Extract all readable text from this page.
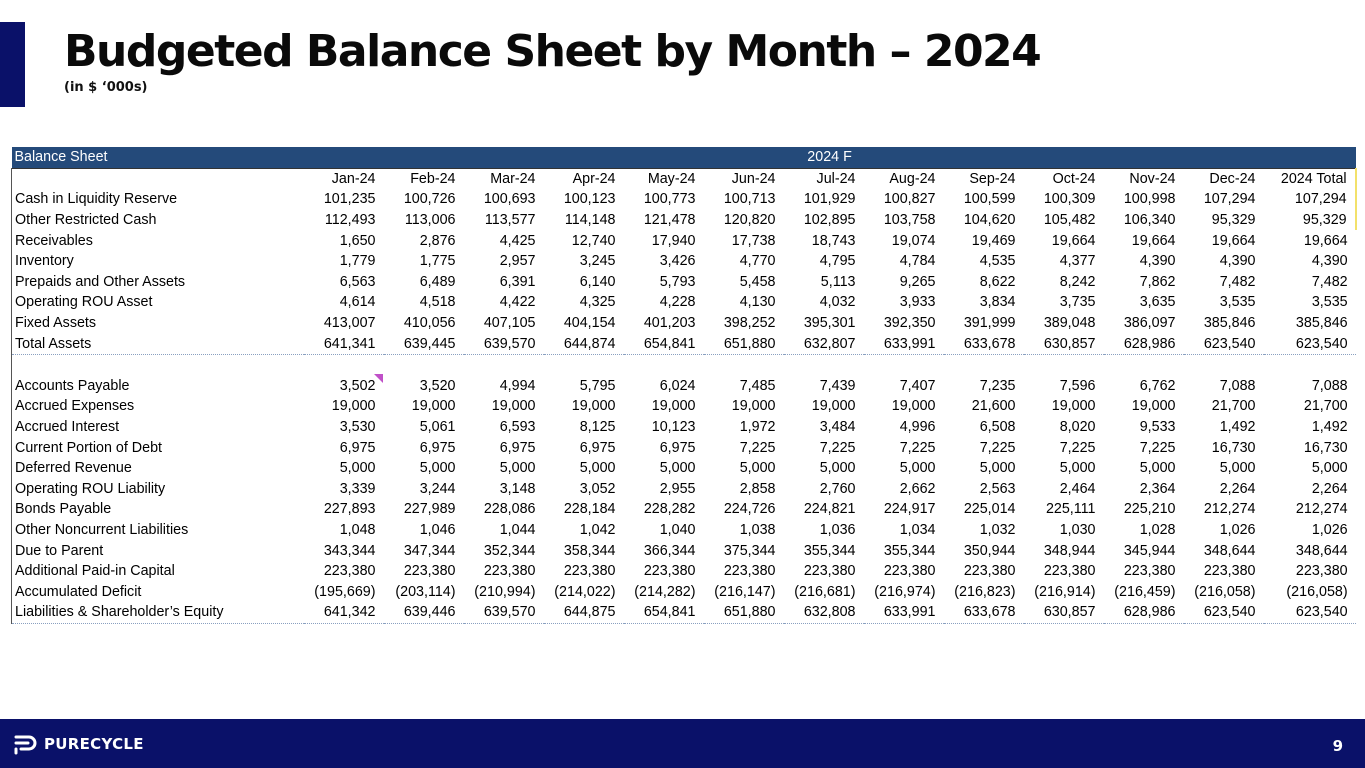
Budgeted Balance Sheet by Month – 2024
(in $ ‘000s)
Balance Sheet	2024 F												
	Jan-24	Feb-24	Mar-24	Apr-24	May-24	Jun-24	Jul-24	Aug-24	Sep-24	Oct-24	Nov-24	Dec-24	2024 Total
Cash in Liquidity Reserve	101,235	100,726	100,693	100,123	100,773	100,713	101,929	100,827	100,599	100,309	100,998	107,294	107,294
Other Restricted Cash	112,493	113,006	113,577	114,148	121,478	120,820	102,895	103,758	104,620	105,482	106,340	95,329	95,329
Receivables	1,650	2,876	4,425	12,740	17,940	17,738	18,743	19,074	19,469	19,664	19,664	19,664	19,664
Inventory	1,779	1,775	2,957	3,245	3,426	4,770	4,795	4,784	4,535	4,377	4,390	4,390	4,390
Prepaids and Other Assets	6,563	6,489	6,391	6,140	5,793	5,458	5,113	9,265	8,622	8,242	7,862	7,482	7,482
Operating ROU Asset	4,614	4,518	4,422	4,325	4,228	4,130	4,032	3,933	3,834	3,735	3,635	3,535	3,535
Fixed Assets	413,007	410,056	407,105	404,154	401,203	398,252	395,301	392,350	391,999	389,048	386,097	385,846	385,846
Total Assets	641,341	639,445	639,570	644,874	654,841	651,880	632,807	633,991	633,678	630,857	628,986	623,540	623,540

Accounts Payable	3,502	3,520	4,994	5,795	6,024	7,485	7,439	7,407	7,235	7,596	6,762	7,088	7,088
Accrued Expenses	19,000	19,000	19,000	19,000	19,000	19,000	19,000	19,000	21,600	19,000	19,000	21,700	21,700
Accrued Interest	3,530	5,061	6,593	8,125	10,123	1,972	3,484	4,996	6,508	8,020	9,533	1,492	1,492
Current Portion of Debt	6,975	6,975	6,975	6,975	6,975	7,225	7,225	7,225	7,225	7,225	7,225	16,730	16,730
Deferred Revenue	5,000	5,000	5,000	5,000	5,000	5,000	5,000	5,000	5,000	5,000	5,000	5,000	5,000
Operating ROU Liability	3,339	3,244	3,148	3,052	2,955	2,858	2,760	2,662	2,563	2,464	2,364	2,264	2,264
Bonds Payable	227,893	227,989	228,086	228,184	228,282	224,726	224,821	224,917	225,014	225,111	225,210	212,274	212,274
Other Noncurrent Liabilities	1,048	1,046	1,044	1,042	1,040	1,038	1,036	1,034	1,032	1,030	1,028	1,026	1,026
Due to Parent	343,344	347,344	352,344	358,344	366,344	375,344	355,344	355,344	350,944	348,944	345,944	348,644	348,644
Additional Paid-in Capital	223,380	223,380	223,380	223,380	223,380	223,380	223,380	223,380	223,380	223,380	223,380	223,380	223,380
Accumulated Deficit	(195,669)	(203,114)	(210,994)	(214,022)	(214,282)	(216,147)	(216,681)	(216,974)	(216,823)	(216,914)	(216,459)	(216,058)	(216,058)
Liabilities & Shareholder’s Equity	641,342	639,446	639,570	644,875	654,841	651,880	632,808	633,991	633,678	630,857	628,986	623,540	623,540
PURECYCLE	9
